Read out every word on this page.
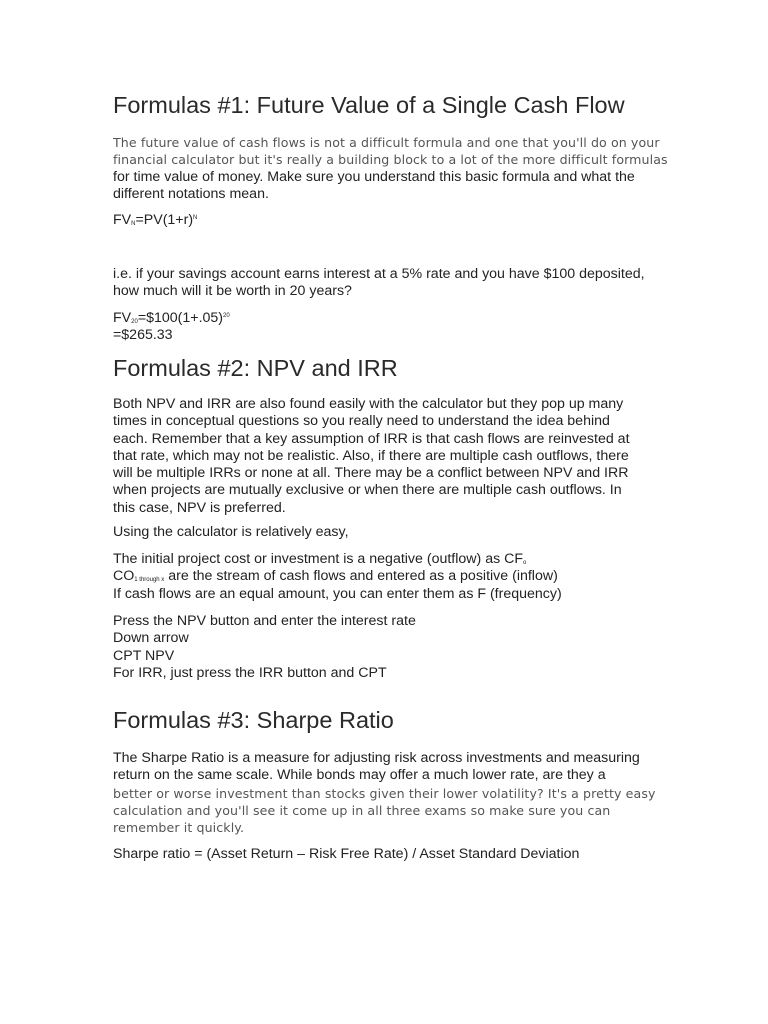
Formulas #1: Future Value of a Single Cash Flow
The future value of cash flows is not a difficult formula and one that you'll do on your
financial calculator but it's really a building block to a lot of the more difficult formulas
for time value of money. Make sure you understand this basic formula and what the
different notations mean.
$FV_N=PV(1+r)^N$
i.e. if your savings account earns interest at a 5% rate and you have $100 deposited,
how much will it be worth in 20 years?
$FV_{20}=\$100(1+.05)^{20}$
=$265.33
Formulas #2: NPV and IRR
Both NPV and IRR are also found easily with the calculator but they pop up many
times in conceptual questions so you really need to understand the idea behind
each. Remember that a key assumption of IRR is that cash flows are reinvested at
that rate, which may not be realistic. Also, if there are multiple cash outflows, there
will be multiple IRRs or none at all. There may be a conflict between NPV and IRR
when projects are mutually exclusive or when there are multiple cash outflows. In
this case, NPV is preferred.
Using the calculator is relatively easy,
The initial project cost or investment is a negative (outflow) as $CF_o$
$CO_{1 through x}$ are the stream of cash flows and entered as a positive (inflow)
If cash flows are an equal amount, you can enter them as F (frequency)
Press the NPV button and enter the interest rate
Down arrow
CPT NPV
For IRR, just press the IRR button and CPT
Formulas #3: Sharpe Ratio
The Sharpe Ratio is a measure for adjusting risk across investments and measuring
return on the same scale. While bonds may offer a much lower rate, are they a
better or worse investment than stocks given their lower volatility? It's a pretty easy
calculation and you'll see it come up in all three exams so make sure you can
remember it quickly.
Sharpe ratio = (Asset Return – Risk Free Rate) / Asset Standard Deviation
